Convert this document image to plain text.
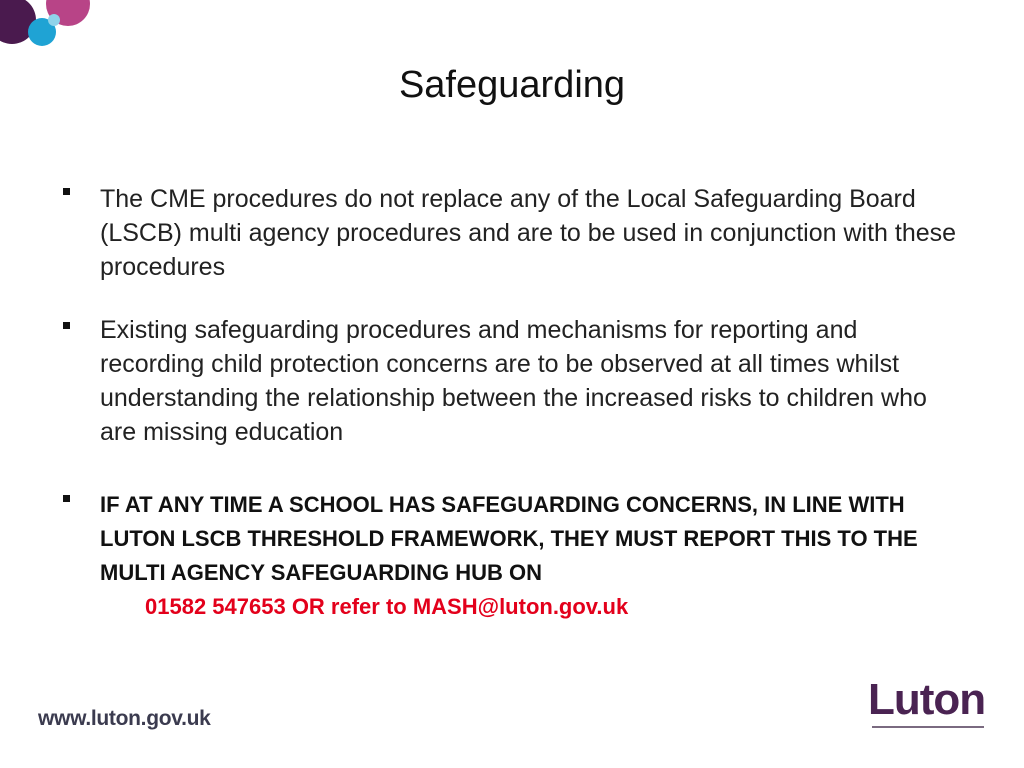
Safeguarding
The CME procedures do not replace any of the Local Safeguarding Board (LSCB) multi agency procedures and are to be used in conjunction with these procedures
Existing safeguarding procedures and mechanisms for reporting and recording child protection concerns are to be observed at all times whilst understanding the relationship between the increased risks to children who are missing education
IF AT ANY TIME A SCHOOL HAS SAFEGUARDING CONCERNS, IN LINE WITH LUTON LSCB THRESHOLD FRAMEWORK, THEY MUST REPORT THIS TO THE MULTI AGENCY SAFEGUARDING HUB ON
01582 547653 OR refer to MASH@luton.gov.uk
www.luton.gov.uk	Luton
